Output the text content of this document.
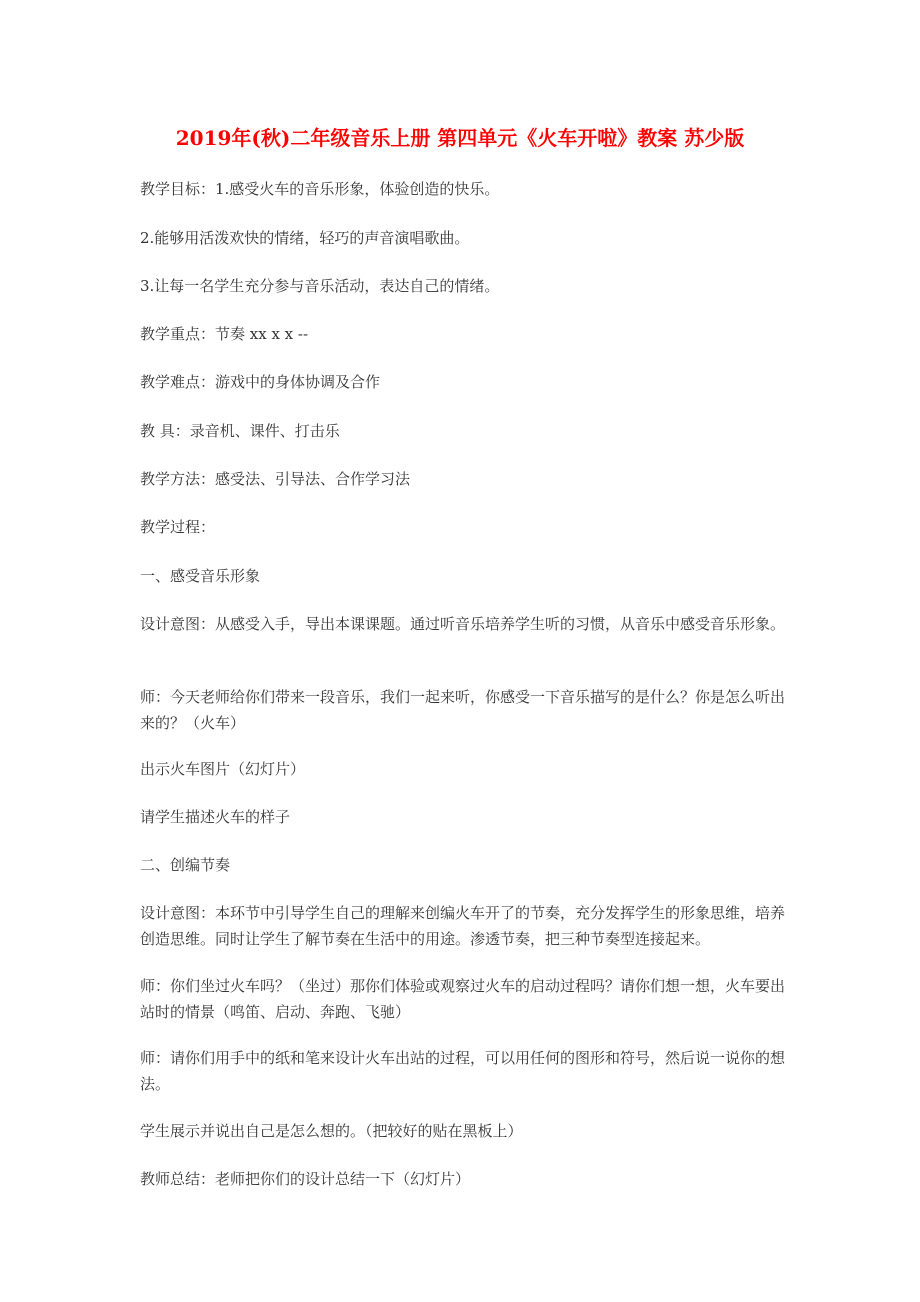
2019年(秋)二年级音乐上册 第四单元《火车开啦》教案 苏少版

教学目标：1.感受火车的音乐形象，体验创造的快乐。

2.能够用活泼欢快的情绪，轻巧的声音演唱歌曲。

3.让每一名学生充分参与音乐活动，表达自己的情绪。

教学重点：节奏 xx x x --

教学难点：游戏中的身体协调及合作

教 具：录音机、课件、打击乐

教学方法：感受法、引导法、合作学习法

教学过程：

一、感受音乐形象

设计意图：从感受入手，导出本课课题。通过听音乐培养学生听的习惯，从音乐中感受音乐形象。

师：今天老师给你们带来一段音乐，我们一起来听，你感受一下音乐描写的是什么？你是怎么听出来的？（火车）

出示火车图片（幻灯片）

请学生描述火车的样子

二、创编节奏

设计意图：本环节中引导学生自己的理解来创编火车开了的节奏，充分发挥学生的形象思维，培养创造思维。同时让学生了解节奏在生活中的用途。渗透节奏，把三种节奏型连接起来。

师：你们坐过火车吗？（坐过）那你们体验或观察过火车的启动过程吗？请你们想一想，火车要出站时的情景（鸣笛、启动、奔跑、飞驰）

师：请你们用手中的纸和笔来设计火车出站的过程，可以用任何的图形和符号，然后说一说你的想法。

学生展示并说出自己是怎么想的。（把较好的贴在黑板上）

教师总结：老师把你们的设计总结一下（幻灯片）
